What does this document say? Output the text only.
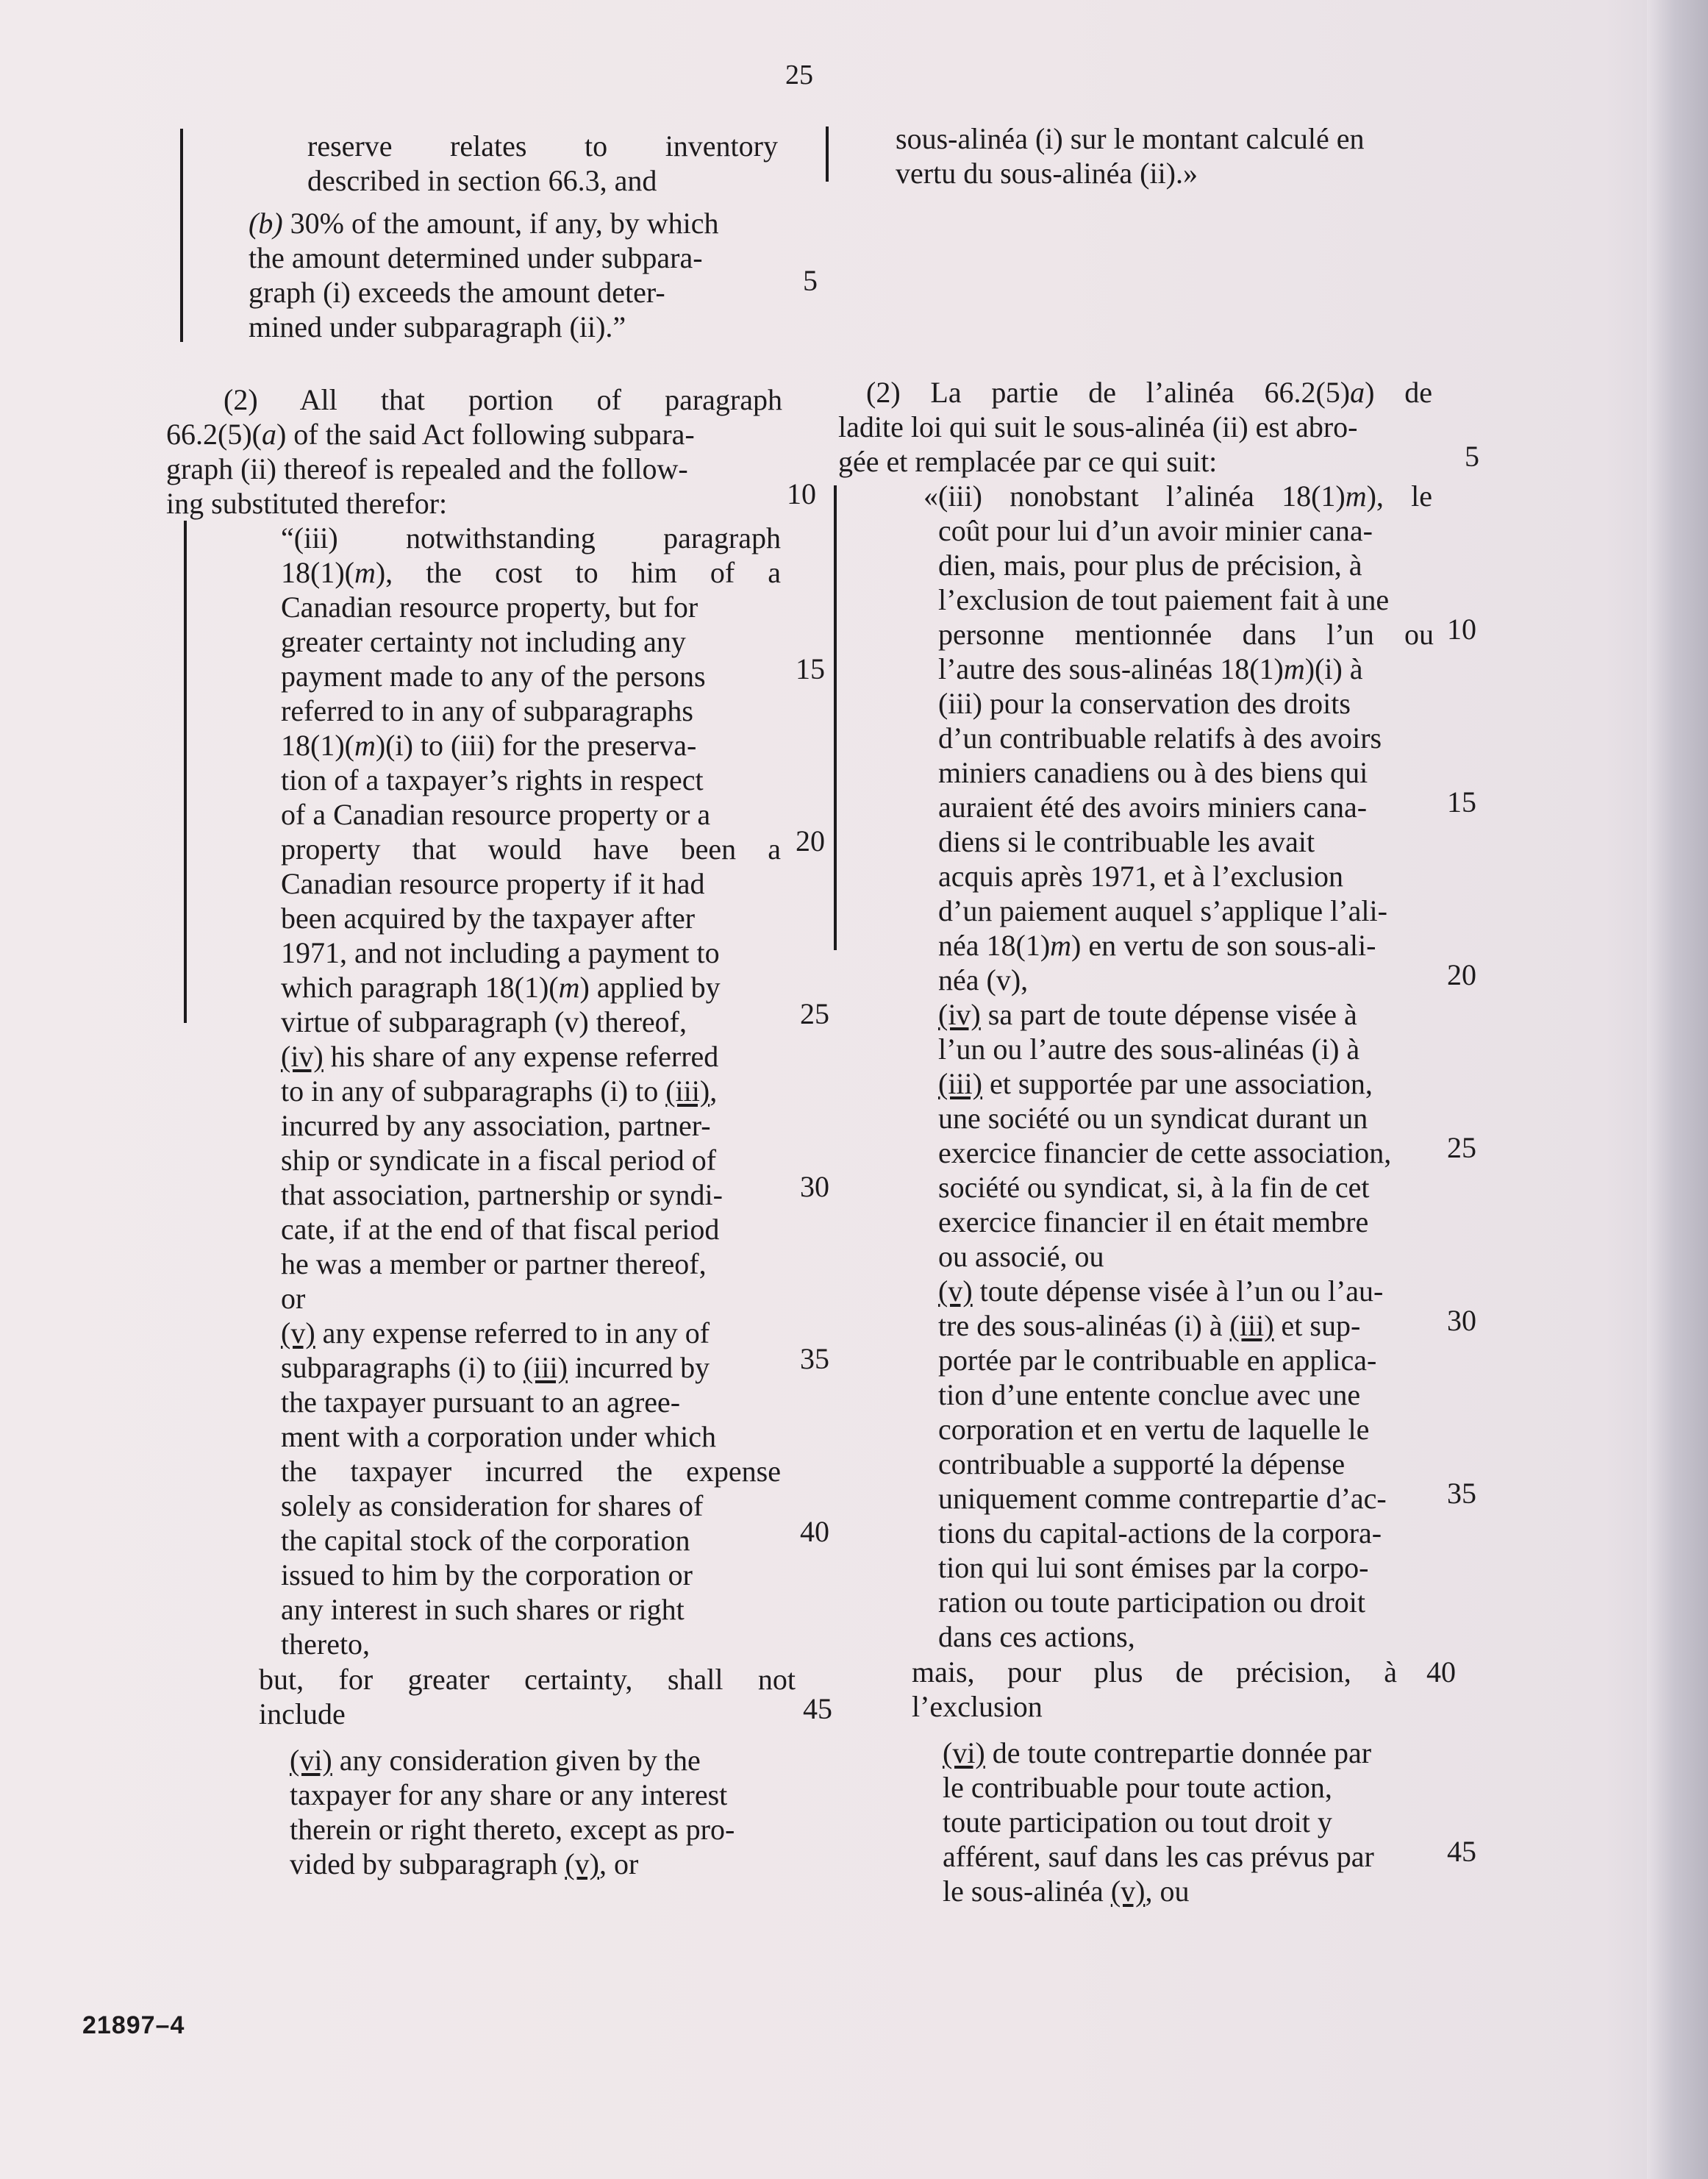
25
reserve relates to inventory
described in section 66.3, and
(b) 30% of the amount, if any, by which
the amount determined under subpara-
graph (i) exceeds the amount deter-
mined under subparagraph (ii).”
(2) All that portion of paragraph
66.2(5)(a) of the said Act following subpara-
graph (ii) thereof is repealed and the follow-
ing substituted therefor:
“(iii) notwithstanding paragraph
18(1)(m), the cost to him of a
Canadian resource property, but for
greater certainty not including any
payment made to any of the persons
referred to in any of subparagraphs
18(1)(m)(i) to (iii) for the preserva-
tion of a taxpayer’s rights in respect
of a Canadian resource property or a
property that would have been a
Canadian resource property if it had
been acquired by the taxpayer after
1971, and not including a payment to
which paragraph 18(1)(m) applied by
virtue of subparagraph (v) thereof,
(iv) his share of any expense referred
to in any of subparagraphs (i) to (iii),
incurred by any association, partner-
ship or syndicate in a fiscal period of
that association, partnership or syndi-
cate, if at the end of that fiscal period
he was a member or partner thereof,
or
(v) any expense referred to in any of
subparagraphs (i) to (iii) incurred by
the taxpayer pursuant to an agree-
ment with a corporation under which
the taxpayer incurred the expense
solely as consideration for shares of
the capital stock of the corporation
issued to him by the corporation or
any interest in such shares or right
thereto,
but, for greater certainty, shall not
include
(vi) any consideration given by the
taxpayer for any share or any interest
therein or right thereto, except as pro-
vided by subparagraph (v), or
5
10
15
20
25
30
35
40
45
sous-alinéa (i) sur le montant calculé en
vertu du sous-alinéa (ii).»
(2) La partie de l’alinéa 66.2(5)a) de
ladite loi qui suit le sous-alinéa (ii) est abro-
gée et remplacée par ce qui suit:
«(iii) nonobstant l’alinéa 18(1)m), le
coût pour lui d’un avoir minier cana-
dien, mais, pour plus de précision, à
l’exclusion de tout paiement fait à une
personne mentionnée dans l’un ou
l’autre des sous-alinéas 18(1)m)(i) à
(iii) pour la conservation des droits
d’un contribuable relatifs à des avoirs
miniers canadiens ou à des biens qui
auraient été des avoirs miniers cana-
diens si le contribuable les avait
acquis après 1971, et à l’exclusion
d’un paiement auquel s’applique l’ali-
néa 18(1)m) en vertu de son sous-ali-
néa (v),
(iv) sa part de toute dépense visée à
l’un ou l’autre des sous-alinéas (i) à
(iii) et supportée par une association,
une société ou un syndicat durant un
exercice financier de cette association,
société ou syndicat, si, à la fin de cet
exercice financier il en était membre
ou associé, ou
(v) toute dépense visée à l’un ou l’au-
tre des sous-alinéas (i) à (iii) et sup-
portée par le contribuable en applica-
tion d’une entente conclue avec une
corporation et en vertu de laquelle le
contribuable a supporté la dépense
uniquement comme contrepartie d’ac-
tions du capital-actions de la corpora-
tion qui lui sont émises par la corpo-
ration ou toute participation ou droit
dans ces actions,
mais, pour plus de précision, à
l’exclusion
(vi) de toute contrepartie donnée par
le contribuable pour toute action,
toute participation ou tout droit y
afférent, sauf dans les cas prévus par
le sous-alinéa (v), ou
5
10
15
20
25
30
35
40
45
21897–4
